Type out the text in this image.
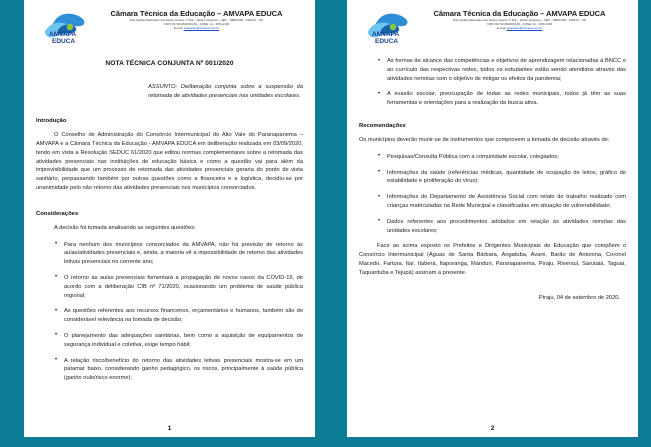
AMVAPA
EDUCA
Câmara Técnica da Educação – AMVAPA EDUCA
Rua Capitão Maximiano dos Santos Guerra, nº 332 – Jardim Junqueira – CEP – 18800-000 – PIRAJU – SP.
CNPJ 03.710.263/0001-60 – FONE: 14 – 3351-1330
E-mail: educacao@amvapa.com.br
NOTA TÉCNICA CONJUNTA Nº 001/2020
ASSUNTO: Deliberação conjunta sobre a suspensão da retomada de atividades presenciais nas unidades escolares.
Introdução

O Conselho de Administração do Consórcio Intermunicipal do Alto Vale do Paranapanema – AMVAPA e a Câmara Técnica da Educação - AMVAPA EDUCA em deliberação realizada em 03/09/2020, tendo em vista a Resolução SEDUC 61/2020 que editou normas complementares sobre a retomada das atividades presenciais nas instituições de educação básica e como a questão vai para além da imprevisibilidade que um processo de retomada das atividades presenciais geraria do ponto de vista sanitário, perpassando também por outras questões como a financeira e a logística, decidiu-se por unanimidade pelo não retorno das atividades presenciais nos municípios consorciados.

Considerações

A decisão foi tomada analisando as seguintes questões:

• Para nenhum dos municípios consorciados da AMVAPA, não há previsão de retorno às aulas/atividades presenciais e, ainda, a maioria vê a impossibilidade de retorno das atividades letivas presenciais no corrente ano;
• O retorno às aulas presenciais fomentará a propagação de novos casos da COVID-19, de acordo com a deliberação CIB nº 71/2020, ocasionando um problema de saúde pública regional;
• As questões referentes aos recursos financeiros, orçamentários e humanos, também são de considerável relevância na tomada de decisão;
• O planejamento das adequações sanitárias, bem como a aquisição de equipamentos de segurança individual e coletiva, exige tempo hábil;
• A relação risco/benefício do retorno das atividades letivas presenciais mostra-se em um patamar baixo, considerando ganho pedagógico, os riscos, principalmente à saúde pública (ganho nulo/risco enorme);
1
AMVAPA
EDUCA
Câmara Técnica da Educação – AMVAPA EDUCA
Rua Capitão Maximiano dos Santos Guerra, nº 332 – Jardim Junqueira – CEP – 18800-000 – PIRAJU – SP.
CNPJ 03.710.263/0001-60 – FONE: 14 – 3351-1330
E-mail: educacao@amvapa.com.br
• As formas de alcance das competências e objetivos de aprendizagem relacionadas á BNCC e ao currículo das respectivas redes, todos os estudantes estão sendo atendidos através das atividades remotas com o objetivo de mitigar os efeitos da pandemia;
• A evasão escolar, preocupação de todas as redes municipais, todos já têm as suas ferramentas e orientações para a realização da busca ativa.
Recomendações

Os municípios deverão munir-se de instrumentos que comprovem a tomada de decisão através de:

• Pesquisas/Consulta Pública com a comunidade escolar, colegiados;
• Informações da saúde (referências médicas, quantidade de ocupação de leitos, gráfico de estabilidade e proliferação do vírus);
• Informações do Departamento de Assistência Social com relato do trabalho realizado com crianças matriculadas na Rede Municipal e classificadas em situação de vulnerabilidade;
• Dados referentes aos procedimentos adotados em relação às atividades remotas das unidades escolares;

Face ao acima exposto os Prefeitos e Dirigentes Municipais de Educação que compõem o Consórcio Intermunicipal (Águas de Santa Bárbara, Angatuba, Avaré, Barão de Antonina, Coronel Macedo, Fartura, Itaí, Itaberá, Itaporanga, Manduri, Paranapanema, Piraju, Riversul, Sarutaiá, Taguaí, Taquarituba e Tejupá) assinam a presente.

Piraju, 04 de setembro de 2020.
2
